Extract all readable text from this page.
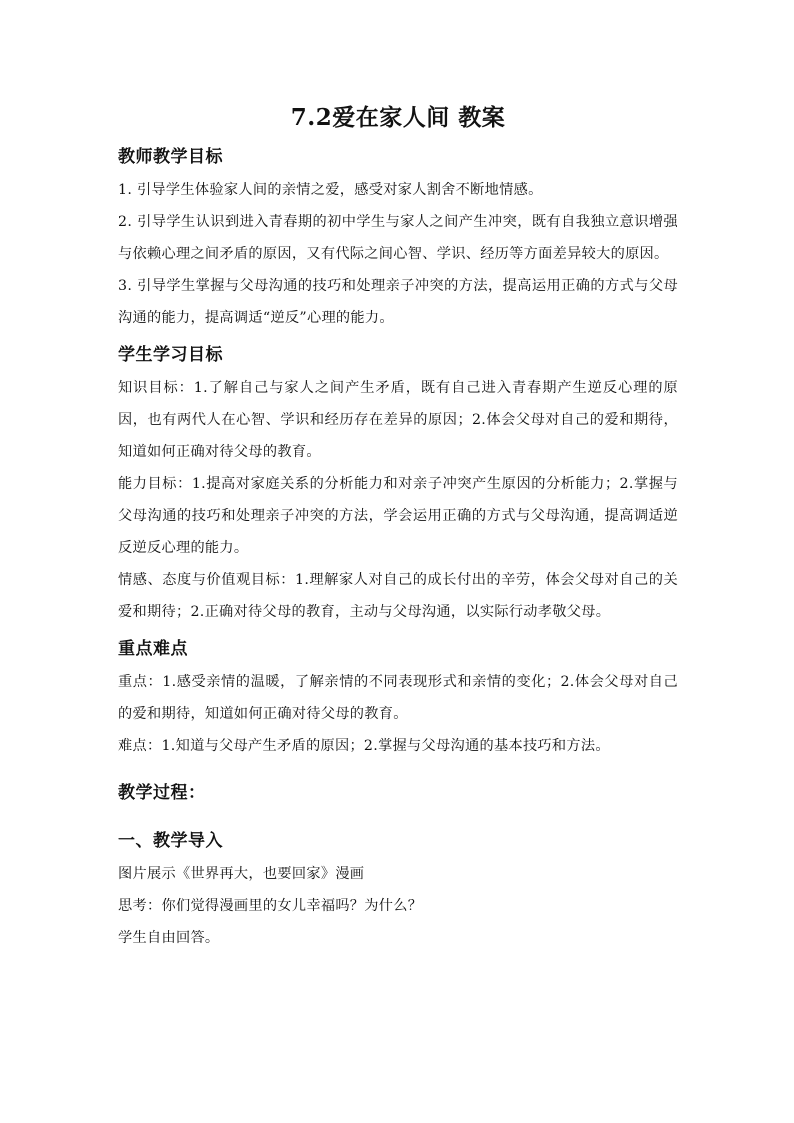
7.2爱在家人间 教案
教师教学目标

1. 引导学生体验家人间的亲情之爱，感受对家人割舍不断地情感。

2. 引导学生认识到进入青春期的初中学生与家人之间产生冲突，既有自我独立意识增强与依赖心理之间矛盾的原因，又有代际之间心智、学识、经历等方面差异较大的原因。

3. 引导学生掌握与父母沟通的技巧和处理亲子冲突的方法，提高运用正确的方式与父母沟通的能力，提高调适“逆反”心理的能力。

学生学习目标

知识目标：1.了解自己与家人之间产生矛盾，既有自己进入青春期产生逆反心理的原因，也有两代人在心智、学识和经历存在差异的原因；2.体会父母对自己的爱和期待，知道如何正确对待父母的教育。

能力目标：1.提高对家庭关系的分析能力和对亲子冲突产生原因的分析能力；2.掌握与父母沟通的技巧和处理亲子冲突的方法，学会运用正确的方式与父母沟通，提高调适逆反逆反心理的能力。

情感、态度与价值观目标：1.理解家人对自己的成长付出的辛劳，体会父母对自己的关爱和期待；2.正确对待父母的教育，主动与父母沟通，以实际行动孝敬父母。

重点难点

重点：1.感受亲情的温暖，了解亲情的不同表现形式和亲情的变化；2.体会父母对自己的爱和期待，知道如何正确对待父母的教育。

难点：1.知道与父母产生矛盾的原因；2.掌握与父母沟通的基本技巧和方法。

教学过程：
一、教学导入

图片展示《世界再大，也要回家》漫画

思考：你们觉得漫画里的女儿幸福吗？为什么？

学生自由回答。
